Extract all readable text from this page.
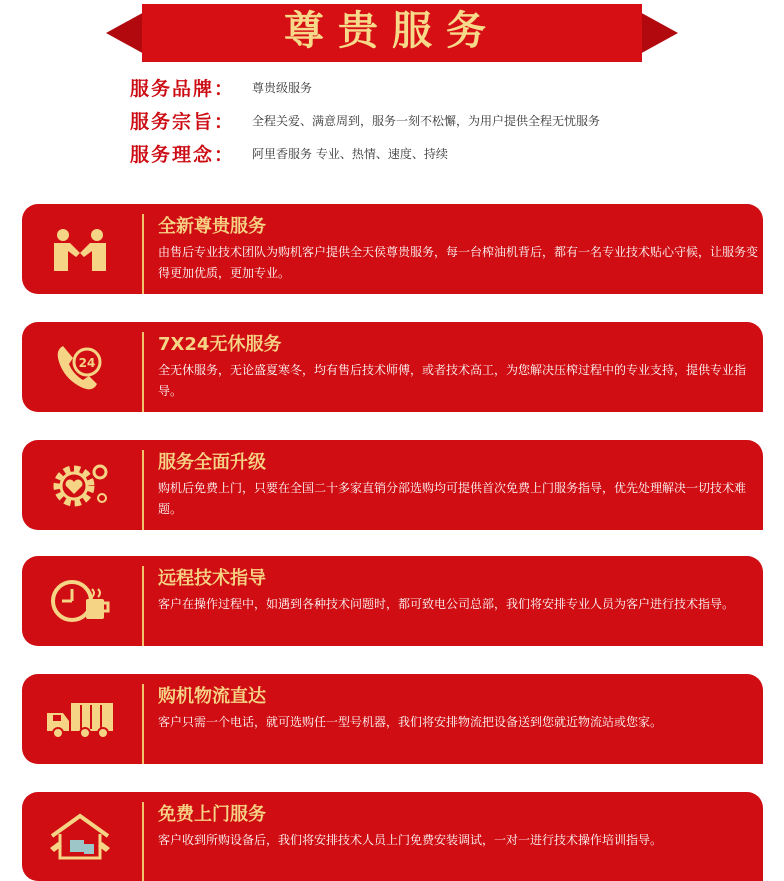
尊贵服务
服务品牌：	尊贵级服务
服务宗旨：	全程关爱、满意周到，服务一刻不松懈，为用户提供全程无忧服务
服务理念：	阿里香服务 专业、热情、速度、持续
全新尊贵服务
由售后专业技术团队为购机客户提供全天侯尊贵服务，每一台榨油机背后，都有一名专业技术贴心守候，让服务变得更加优质，更加专业。
24
7X24无休服务
全无休服务，无论盛夏寒冬，均有售后技术师傅，或者技术高工，为您解决压榨过程中的专业支持，提供专业指导。
服务全面升级
购机后免费上门，只要在全国二十多家直销分部选购均可提供首次免费上门服务指导，优先处理解决一切技术难题。
远程技术指导
客户在操作过程中，如遇到各种技术问题时，都可致电公司总部，我们将安排专业人员为客户进行技术指导。
购机物流直达
客户只需一个电话，就可选购任一型号机器，我们将安排物流把设备送到您就近物流站或您家。
免费上门服务
客户收到所购设备后，我们将安排技术人员上门免费安装调试，一对一进行技术操作培训指导。
